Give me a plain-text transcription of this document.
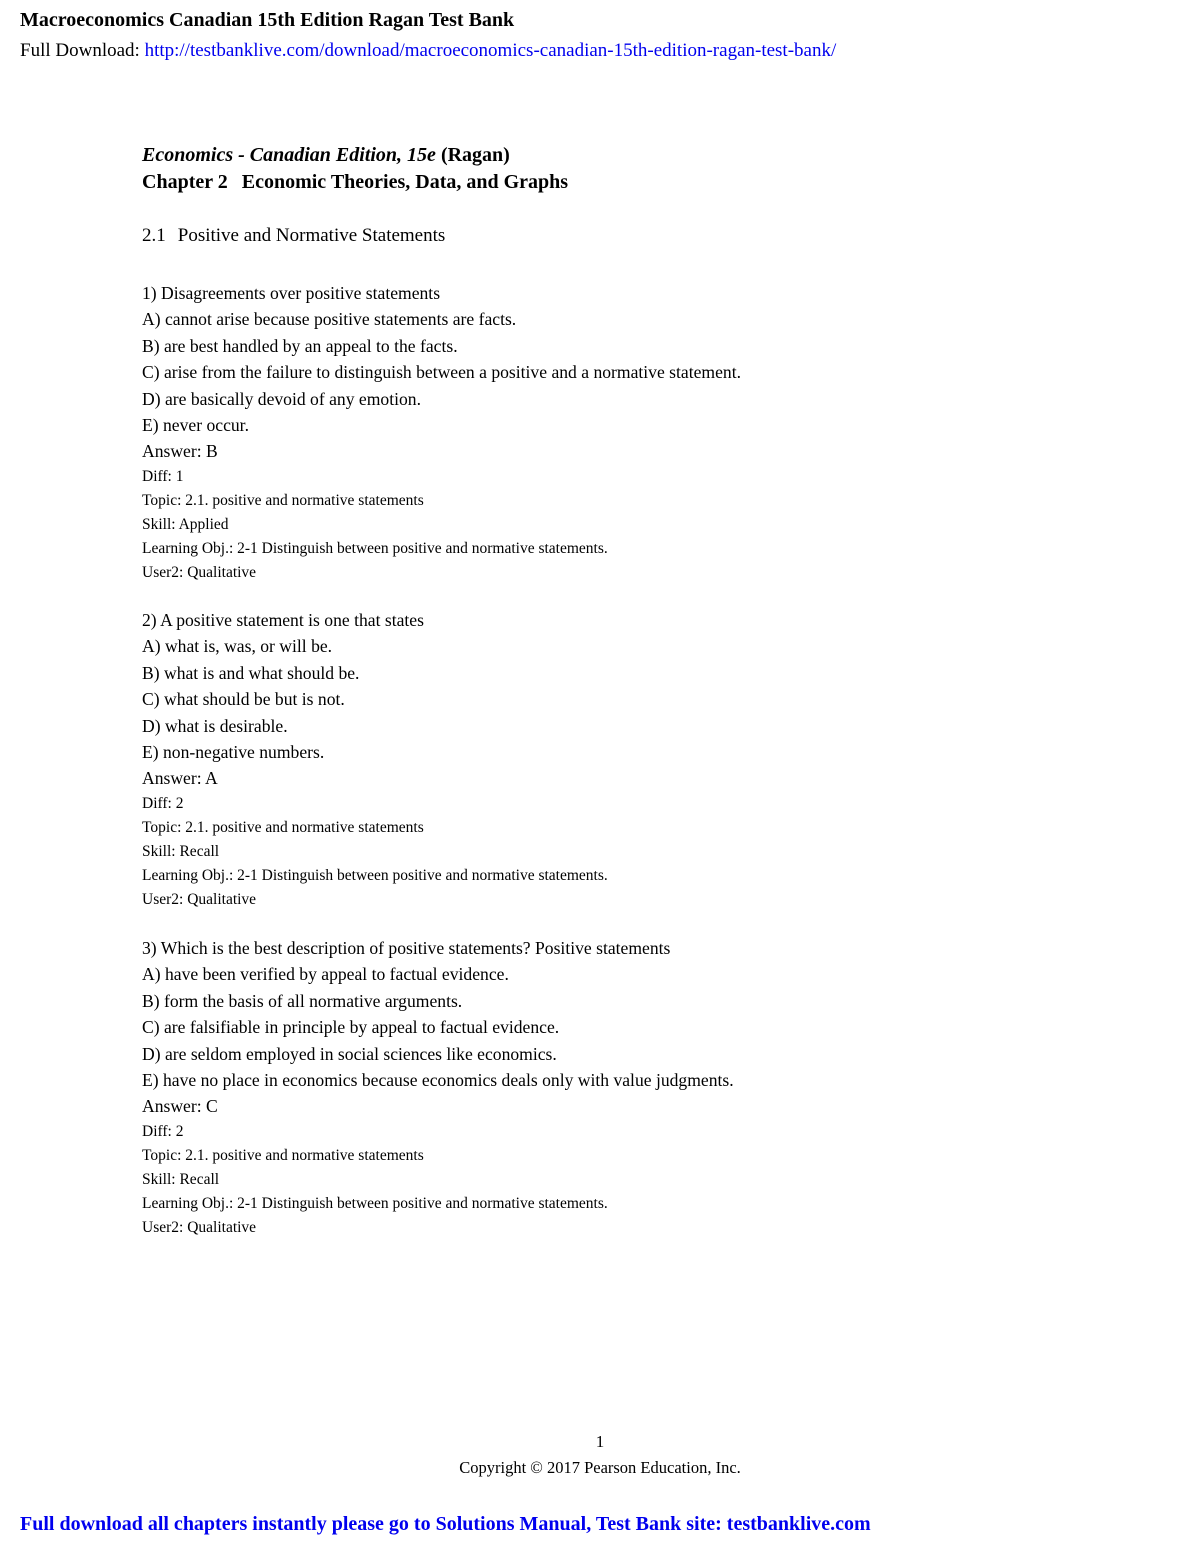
Macroeconomics Canadian 15th Edition Ragan Test Bank
Full Download: http://testbanklive.com/download/macroeconomics-canadian-15th-edition-ragan-test-bank/
Economics - Canadian Edition, 15e (Ragan)
Chapter 2 Economic Theories, Data, and Graphs
2.1 Positive and Normative Statements
1) Disagreements over positive statements
A) cannot arise because positive statements are facts.
B) are best handled by an appeal to the facts.
C) arise from the failure to distinguish between a positive and a normative statement.
D) are basically devoid of any emotion.
E) never occur.
Answer: B
Diff: 1
Topic: 2.1. positive and normative statements
Skill: Applied
Learning Obj.: 2-1 Distinguish between positive and normative statements.
User2: Qualitative
2) A positive statement is one that states
A) what is, was, or will be.
B) what is and what should be.
C) what should be but is not.
D) what is desirable.
E) non-negative numbers.
Answer: A
Diff: 2
Topic: 2.1. positive and normative statements
Skill: Recall
Learning Obj.: 2-1 Distinguish between positive and normative statements.
User2: Qualitative
3) Which is the best description of positive statements? Positive statements
A) have been verified by appeal to factual evidence.
B) form the basis of all normative arguments.
C) are falsifiable in principle by appeal to factual evidence.
D) are seldom employed in social sciences like economics.
E) have no place in economics because economics deals only with value judgments.
Answer: C
Diff: 2
Topic: 2.1. positive and normative statements
Skill: Recall
Learning Obj.: 2-1 Distinguish between positive and normative statements.
User2: Qualitative
1
Copyright © 2017 Pearson Education, Inc.
Full download all chapters instantly please go to Solutions Manual, Test Bank site: testbanklive.com
